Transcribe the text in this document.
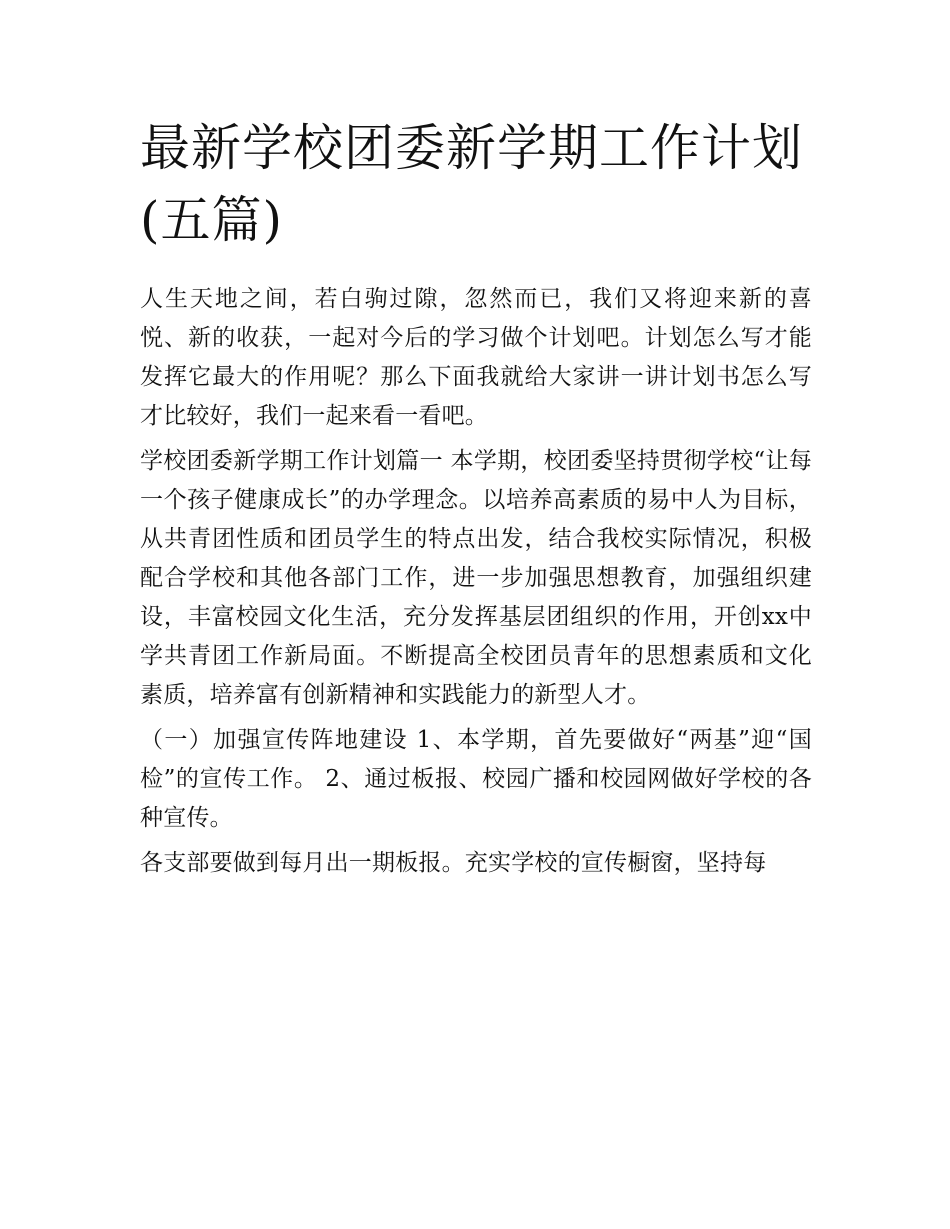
最新学校团委新学期工作计划(五篇)

人生天地之间，若白驹过隙，忽然而已，我们又将迎来新的喜悦、新的收获，一起对今后的学习做个计划吧。计划怎么写才能发挥它最大的作用呢？那么下面我就给大家讲一讲计划书怎么写才比较好，我们一起来看一看吧。

学校团委新学期工作计划篇一 本学期，校团委坚持贯彻学校“让每一个孩子健康成长”的办学理念。以培养高素质的易中人为目标，从共青团性质和团员学生的特点出发，结合我校实际情况，积极配合学校和其他各部门工作，进一步加强思想教育，加强组织建设，丰富校园文化生活，充分发挥基层团组织的作用，开创xx中学共青团工作新局面。不断提高全校团员青年的思想素质和文化素质，培养富有创新精神和实践能力的新型人才。

（一）加强宣传阵地建设 1、本学期，首先要做好“两基”迎“国检”的宣传工作。 2、通过板报、校园广播和校园网做好学校的各种宣传。

各支部要做到每月出一期板报。充实学校的宣传橱窗，坚持每
